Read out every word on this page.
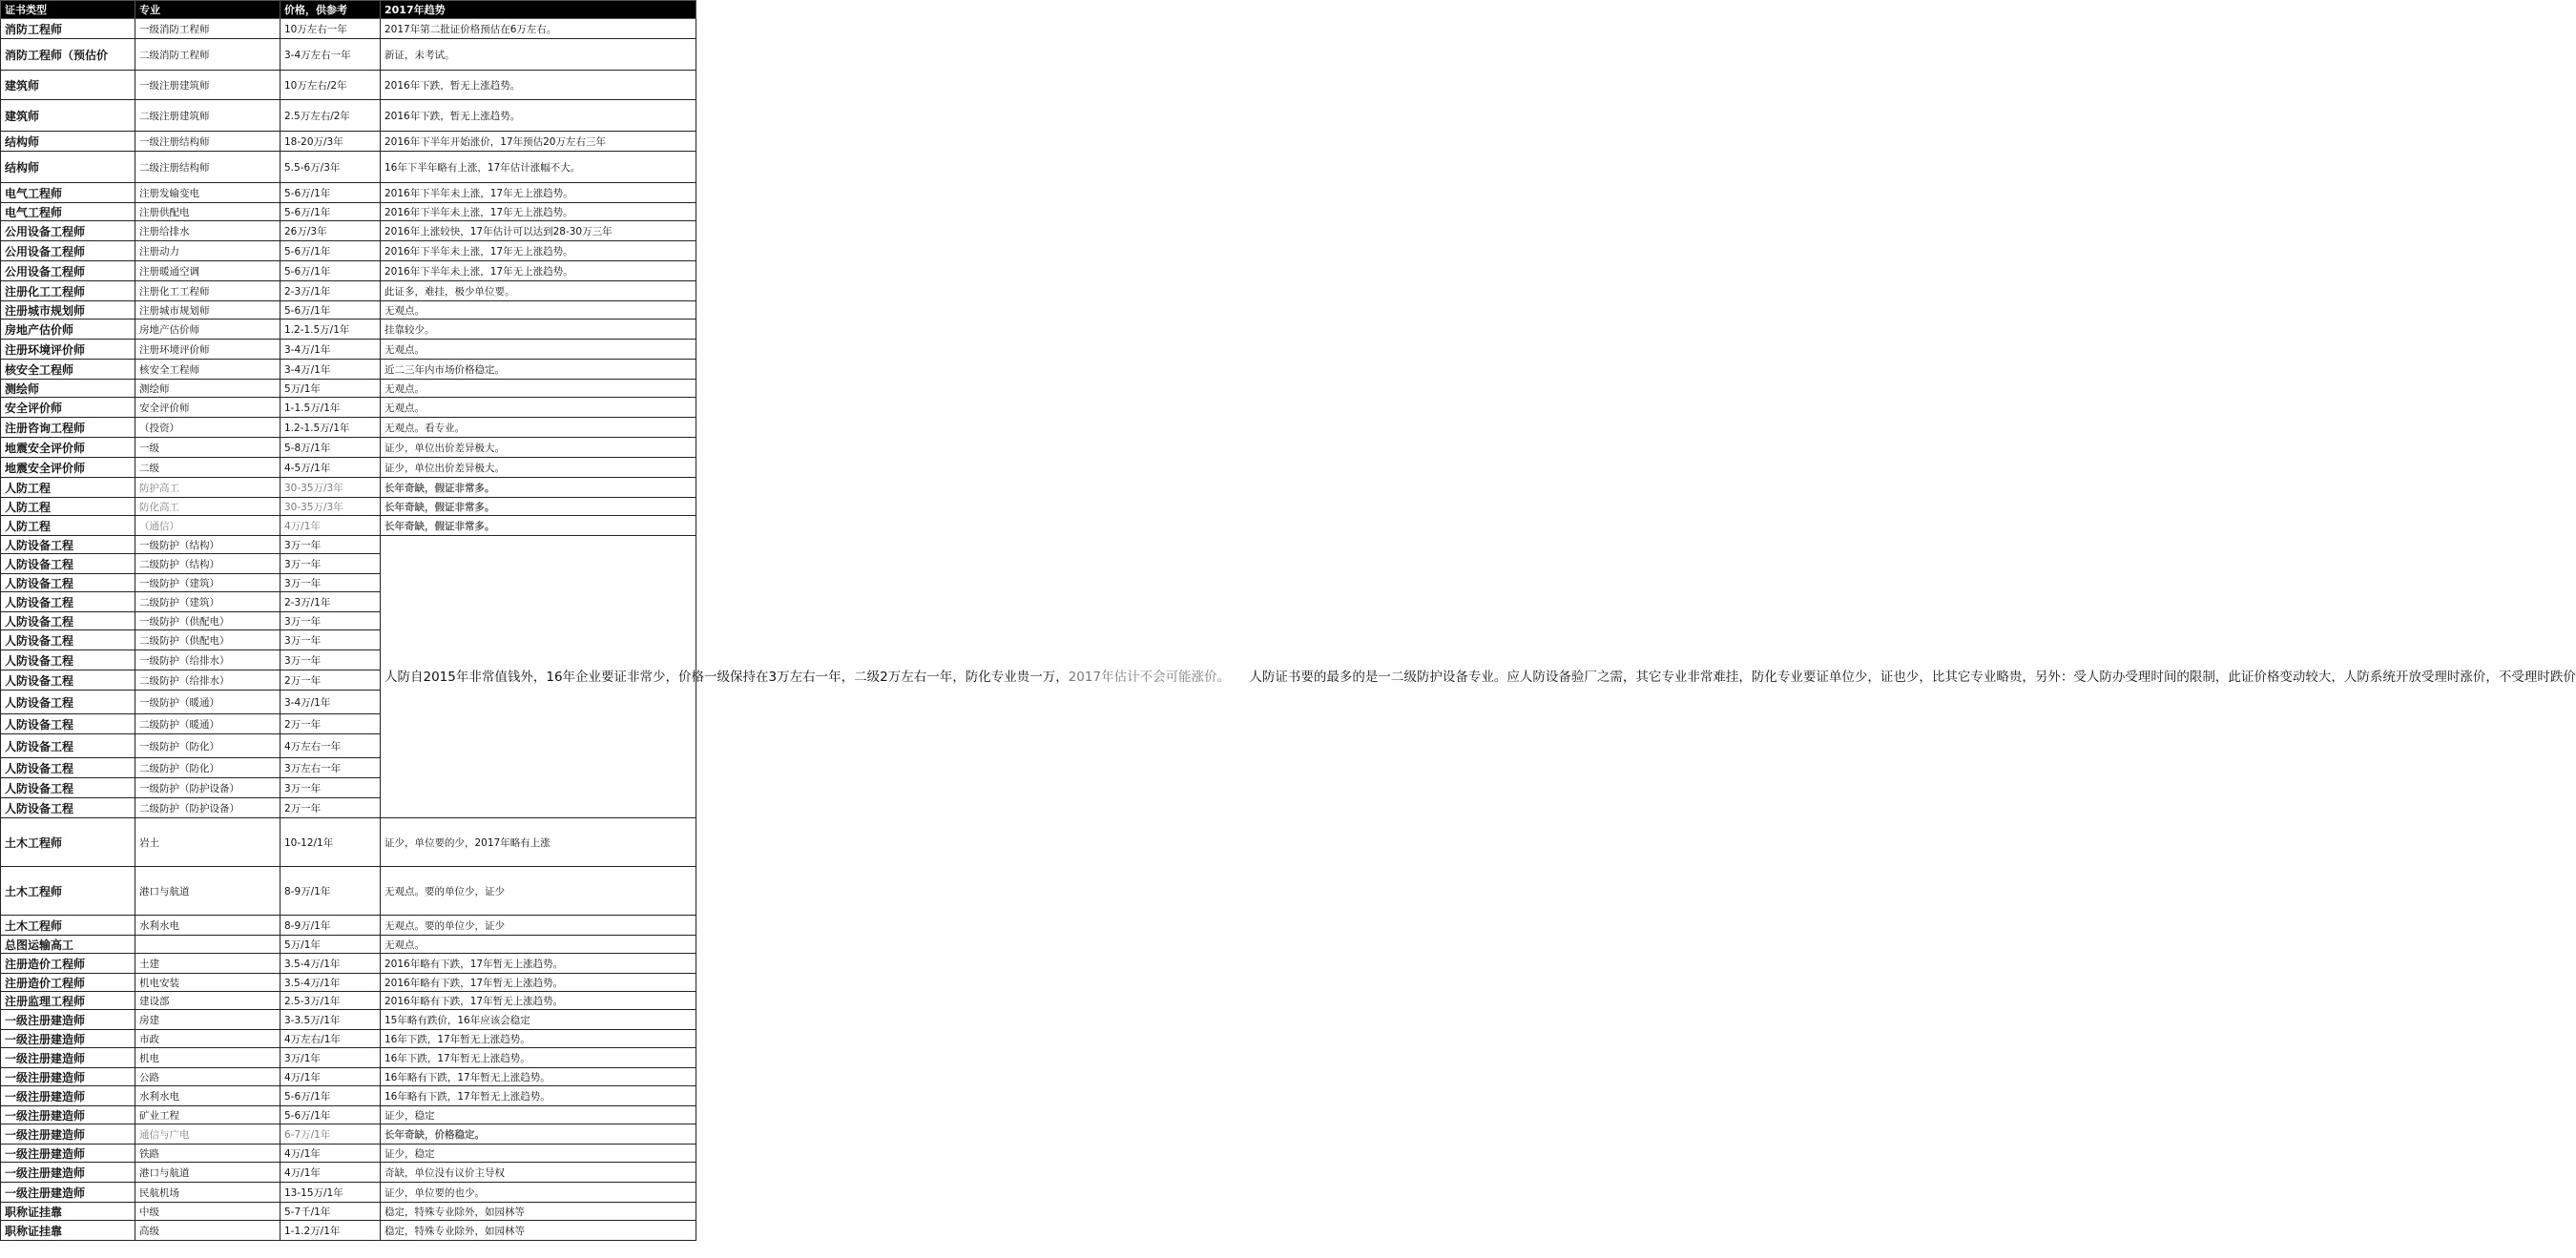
证书类型	专业	价格，供参考	2017年趋势
消防工程师	一级消防工程师	10万左右一年	2017年第二批证价格预估在6万左右。
消防工程师（预估价	二级消防工程师	3-4万左右一年	新证，未考试。
建筑师	一级注册建筑师	10万左右/2年	2016年下跌，暂无上涨趋势。
建筑师	二级注册建筑师	2.5万左右/2年	2016年下跌，暂无上涨趋势。
结构师	一级注册结构师	18-20万/3年	2016年下半年开始涨价，17年预估20万左右三年
结构师	二级注册结构师	5.5-6万/3年	16年下半年略有上涨，17年估计涨幅不大。
电气工程师	注册发输变电	5-6万/1年	2016年下半年未上涨，17年无上涨趋势。
电气工程师	注册供配电	5-6万/1年	2016年下半年未上涨，17年无上涨趋势。
公用设备工程师	注册给排水	26万/3年	2016年上涨较快，17年估计可以达到28-30万三年
公用设备工程师	注册动力	5-6万/1年	2016年下半年未上涨，17年无上涨趋势。
公用设备工程师	注册暖通空调	5-6万/1年	2016年下半年未上涨，17年无上涨趋势。
注册化工工程师	注册化工工程师	2-3万/1年	此证多，难挂，极少单位要。
注册城市规划师	注册城市规划师	5-6万/1年	无观点。
房地产估价师	房地产估价师	1.2-1.5万/1年	挂靠较少。
注册环境评价师	注册环境评价师	3-4万/1年	无观点。
核安全工程师	核安全工程师	3-4万/1年	近二三年内市场价格稳定。
测绘师	测绘师	5万/1年	无观点。
安全评价师	安全评价师	1-1.5万/1年	无观点。
注册咨询工程师	（投资）	1.2-1.5万/1年	无观点。看专业。
地震安全评价师	一级	5-8万/1年	证少，单位出价差异极大。
地震安全评价师	二级	4-5万/1年	证少，单位出价差异极大。
人防工程	防护高工	30-35万/3年	长年奇缺，假证非常多。
人防工程	防化高工	30-35万/3年	长年奇缺，假证非常多。
人防工程	（通信）	4万/1年	长年奇缺，假证非常多。
人防设备工程	一级防护（结构）	3万一年	人防自2015年非常值钱外，16年企业要证非常少，价格一级保持在3万左右一年，二级2万左右一年，防化专业贵一万，2017年估计不会可能涨价。　　人防证书要的最多的是一二级防护设备专业。应人防设备验厂之需，其它专业非常难挂，防化专业要证单位少，证也少，比其它专业略贵，另外：受人防办受理时间的限制，此证价格变动较大，人防系统开放受理时涨价，不受理时跌价
人防设备工程	二级防护（结构）	3万一年	
人防设备工程	一级防护（建筑）	3万一年	
人防设备工程	二级防护（建筑）	2-3万/1年	
人防设备工程	一级防护（供配电）	3万一年	
人防设备工程	二级防护（供配电）	3万一年	
人防设备工程	一级防护（给排水）	3万一年	
人防设备工程	二级防护（给排水）	2万一年	
人防设备工程	一级防护（暖通）	3-4万/1年	
人防设备工程	二级防护（暖通）	2万一年	
人防设备工程	一级防护（防化）	4万左右一年	
人防设备工程	二级防护（防化）	3万左右一年	
人防设备工程	一级防护（防护设备）	3万一年	
人防设备工程	二级防护（防护设备）	2万一年	
土木工程师	岩土	10-12/1年	证少，单位要的少，2017年略有上涨
土木工程师	港口与航道	8-9万/1年	无观点。要的单位少，证少
土木工程师	水利水电	8-9万/1年	无观点。要的单位少，证少
总图运输高工		5万/1年	无观点。
注册造价工程师	土建	3.5-4万/1年	2016年略有下跌，17年暂无上涨趋势。
注册造价工程师	机电安装	3.5-4万/1年	2016年略有下跌，17年暂无上涨趋势。
注册监理工程师	建设部	2.5-3万/1年	2016年略有下跌，17年暂无上涨趋势。
一级注册建造师	房建	3-3.5万/1年	15年略有跌价，16年应该会稳定
一级注册建造师	市政	4万左右/1年	16年下跌，17年暂无上涨趋势。
一级注册建造师	机电	3万/1年	16年下跌，17年暂无上涨趋势。
一级注册建造师	公路	4万/1年	16年略有下跌，17年暂无上涨趋势。
一级注册建造师	水利水电	5-6万/1年	16年略有下跌，17年暂无上涨趋势。
一级注册建造师	矿业工程	5-6万/1年	证少，稳定
一级注册建造师	通信与广电	6-7万/1年	长年奇缺，价格稳定。
一级注册建造师	铁路	4万/1年	证少，稳定
一级注册建造师	港口与航道	4万/1年	奇缺，单位没有议价主导权
一级注册建造师	民航机场	13-15万/1年	证少，单位要的也少。
职称证挂靠	中级	5-7千/1年	稳定，特殊专业除外，如园林等
职称证挂靠	高级	1-1.2万/1年	稳定，特殊专业除外，如园林等
